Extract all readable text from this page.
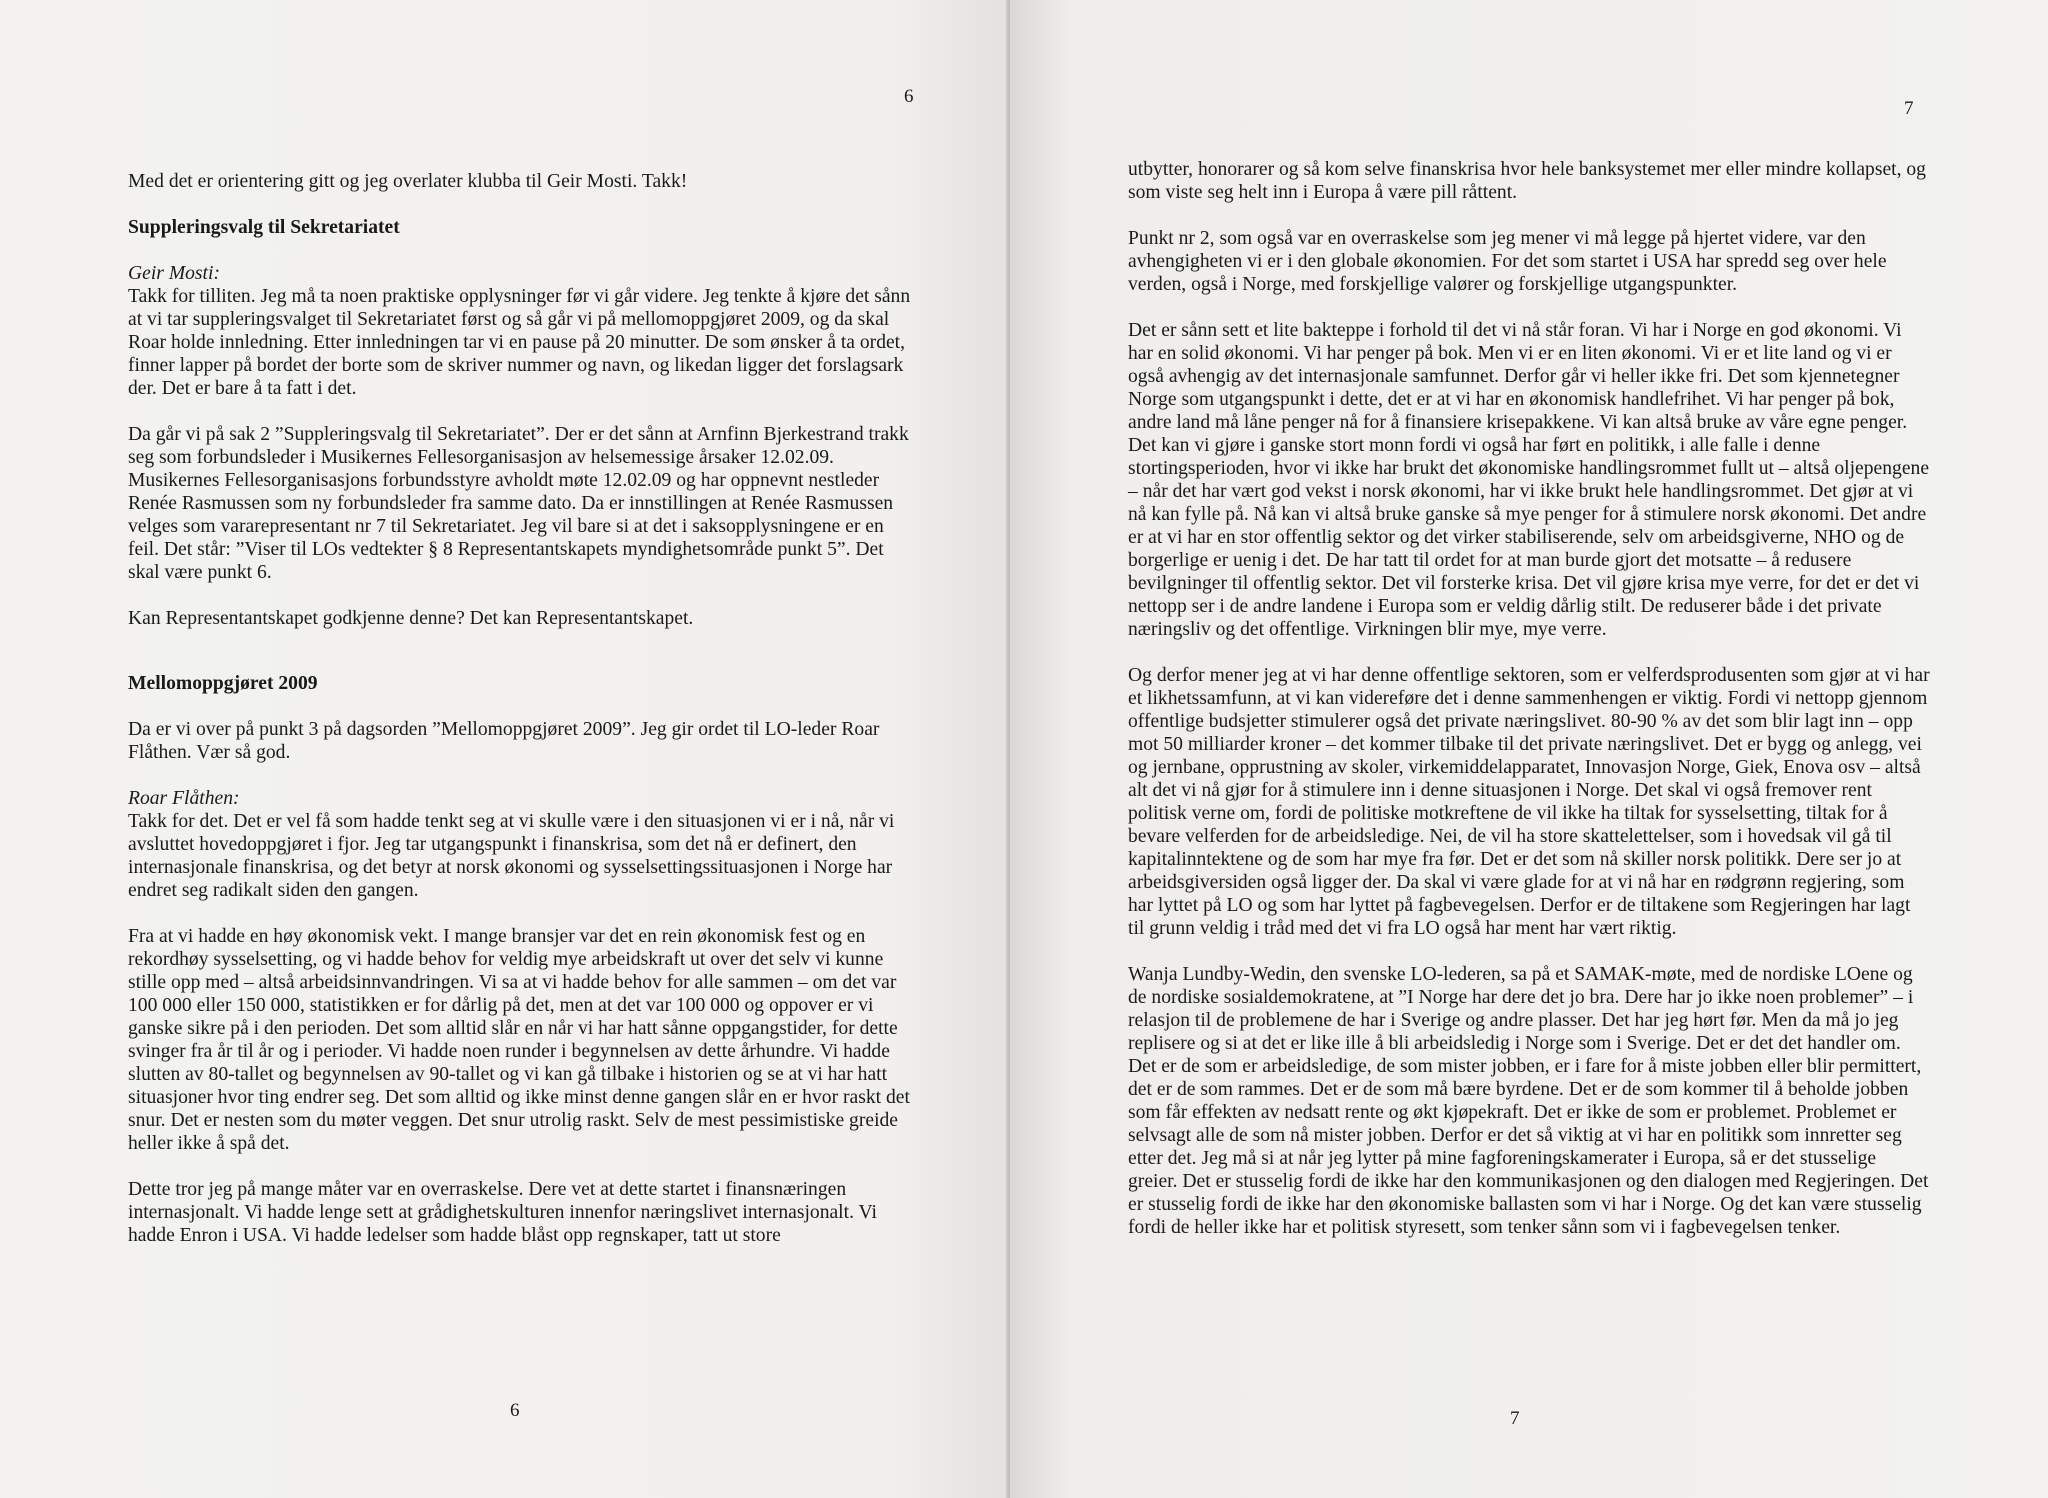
6

Med det er orientering gitt og jeg overlater klubba til Geir Mosti. Takk!

Suppleringsvalg til Sekretariatet

Geir Mosti:
Takk for tilliten. Jeg må ta noen praktiske opplysninger før vi går videre. Jeg tenkte å kjøre det sånn at vi tar suppleringsvalget til Sekretariatet først og så går vi på mellomoppgjøret 2009, og da skal Roar holde innledning. Etter innledningen tar vi en pause på 20 minutter. De som ønsker å ta ordet, finner lapper på bordet der borte som de skriver nummer og navn, og likedan ligger det forslagsark der. Det er bare å ta fatt i det.

Da går vi på sak 2 ”Suppleringsvalg til Sekretariatet”. Der er det sånn at Arnfinn Bjerkestrand trakk seg som forbundsleder i Musikernes Fellesorganisasjon av helsemessige årsaker 12.02.09. Musikernes Fellesorganisasjons forbundsstyre avholdt møte 12.02.09 og har oppnevnt nestleder Renée Rasmussen som ny forbundsleder fra samme dato. Da er innstillingen at Renée Rasmussen velges som vararepresentant nr 7 til Sekretariatet. Jeg vil bare si at det i saksopplysningene er en feil. Det står: ”Viser til LOs vedtekter § 8 Representantskapets myndighetsområde punkt 5”. Det skal være punkt 6.

Kan Representantskapet godkjenne denne? Det kan Representantskapet.

Mellomoppgjøret 2009

Da er vi over på punkt 3 på dagsorden ”Mellomoppgjøret 2009”. Jeg gir ordet til LO-leder Roar Flåthen. Vær så god.

Roar Flåthen:
Takk for det. Det er vel få som hadde tenkt seg at vi skulle være i den situasjonen vi er i nå, når vi avsluttet hovedoppgjøret i fjor. Jeg tar utgangspunkt i finanskrisa, som det nå er definert, den internasjonale finanskrisa, og det betyr at norsk økonomi og sysselsettingssituasjonen i Norge har endret seg radikalt siden den gangen.

Fra at vi hadde en høy økonomisk vekt. I mange bransjer var det en rein økonomisk fest og en rekordhøy sysselsetting, og vi hadde behov for veldig mye arbeidskraft ut over det selv vi kunne stille opp med – altså arbeidsinnvandringen. Vi sa at vi hadde behov for alle sammen – om det var 100 000 eller 150 000, statistikken er for dårlig på det, men at det var 100 000 og oppover er vi ganske sikre på i den perioden. Det som alltid slår en når vi har hatt sånne oppgangstider, for dette svinger fra år til år og i perioder. Vi hadde noen runder i begynnelsen av dette århundre. Vi hadde slutten av 80-tallet og begynnelsen av 90-tallet og vi kan gå tilbake i historien og se at vi har hatt situasjoner hvor ting endrer seg. Det som alltid og ikke minst denne gangen slår en er hvor raskt det snur. Det er nesten som du møter veggen. Det snur utrolig raskt. Selv de mest pessimistiske greide heller ikke å spå det.

Dette tror jeg på mange måter var en overraskelse. Dere vet at dette startet i finansnæringen internasjonalt. Vi hadde lenge sett at grådighetskulturen innenfor næringslivet internasjonalt. Vi hadde Enron i USA. Vi hadde ledelser som hadde blåst opp regnskaper, tatt ut store

6
7

utbytter, honorarer og så kom selve finanskrisa hvor hele banksystemet mer eller mindre kollapset, og som viste seg helt inn i Europa å være pill råttent.

Punkt nr 2, som også var en overraskelse som jeg mener vi må legge på hjertet videre, var den avhengigheten vi er i den globale økonomien. For det som startet i USA har spredd seg over hele verden, også i Norge, med forskjellige valører og forskjellige utgangspunkter.

Det er sånn sett et lite bakteppe i forhold til det vi nå står foran. Vi har i Norge en god økonomi. Vi har en solid økonomi. Vi har penger på bok. Men vi er en liten økonomi. Vi er et lite land og vi er også avhengig av det internasjonale samfunnet. Derfor går vi heller ikke fri. Det som kjennetegner Norge som utgangspunkt i dette, det er at vi har en økonomisk handlefrihet. Vi har penger på bok, andre land må låne penger nå for å finansiere krisepakkene. Vi kan altså bruke av våre egne penger. Det kan vi gjøre i ganske stort monn fordi vi også har ført en politikk, i alle falle i denne stortingsperioden, hvor vi ikke har brukt det økonomiske handlingsrommet fullt ut – altså oljepengene – når det har vært god vekst i norsk økonomi, har vi ikke brukt hele handlingsrommet. Det gjør at vi nå kan fylle på. Nå kan vi altså bruke ganske så mye penger for å stimulere norsk økonomi. Det andre er at vi har en stor offentlig sektor og det virker stabiliserende, selv om arbeidsgiverne, NHO og de borgerlige er uenig i det. De har tatt til ordet for at man burde gjort det motsatte – å redusere bevilgninger til offentlig sektor. Det vil forsterke krisa. Det vil gjøre krisa mye verre, for det er det vi nettopp ser i de andre landene i Europa som er veldig dårlig stilt. De reduserer både i det private næringsliv og det offentlige. Virkningen blir mye, mye verre.

Og derfor mener jeg at vi har denne offentlige sektoren, som er velferdsprodusenten som gjør at vi har et likhetssamfunn, at vi kan videreføre det i denne sammenhengen er viktig. Fordi vi nettopp gjennom offentlige budsjetter stimulerer også det private næringslivet. 80-90 % av det som blir lagt inn – opp mot 50 milliarder kroner – det kommer tilbake til det private næringslivet. Det er bygg og anlegg, vei og jernbane, opprustning av skoler, virkemiddelapparatet, Innovasjon Norge, Giek, Enova osv – altså alt det vi nå gjør for å stimulere inn i denne situasjonen i Norge. Det skal vi også fremover rent politisk verne om, fordi de politiske motkreftene de vil ikke ha tiltak for sysselsetting, tiltak for å bevare velferden for de arbeidsledige. Nei, de vil ha store skattelettelser, som i hovedsak vil gå til kapitalinntektene og de som har mye fra før. Det er det som nå skiller norsk politikk. Dere ser jo at arbeidsgiversiden også ligger der. Da skal vi være glade for at vi nå har en rødgrønn regjering, som har lyttet på LO og som har lyttet på fagbevegelsen. Derfor er de tiltakene som Regjeringen har lagt til grunn veldig i tråd med det vi fra LO også har ment har vært riktig.

Wanja Lundby-Wedin, den svenske LO-lederen, sa på et SAMAK-møte, med de nordiske LOene og de nordiske sosialdemokratene, at ”I Norge har dere det jo bra. Dere har jo ikke noen problemer” – i relasjon til de problemene de har i Sverige og andre plasser. Det har jeg hørt før. Men da må jo jeg replisere og si at det er like ille å bli arbeidsledig i Norge som i Sverige. Det er det det handler om. Det er de som er arbeidsledige, de som mister jobben, er i fare for å miste jobben eller blir permittert, det er de som rammes. Det er de som må bære byrdene. Det er de som kommer til å beholde jobben som får effekten av nedsatt rente og økt kjøpekraft. Det er ikke de som er problemet. Problemet er selvsagt alle de som nå mister jobben. Derfor er det så viktig at vi har en politikk som innretter seg etter det. Jeg må si at når jeg lytter på mine fagforeningskamerater i Europa, så er det stusselige greier. Det er stusselig fordi de ikke har den kommunikasjonen og den dialogen med Regjeringen. Det er stusselig fordi de ikke har den økonomiske ballasten som vi har i Norge. Og det kan være stusselig fordi de heller ikke har et politisk styresett, som tenker sånn som vi i fagbevegelsen tenker.

7
